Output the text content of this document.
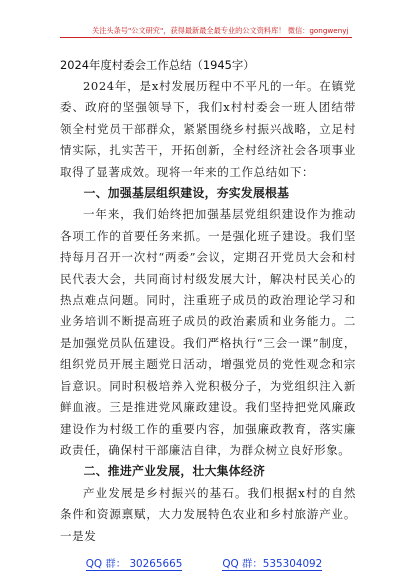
关注头条号"公文研究"，获得最新最全最专业的公文资料库！ 微信：gongwenyj
2024年度村委会工作总结（1945字）

2024年，是x村发展历程中不平凡的一年。在镇党委、政府的坚强领导下，我们x村村委会一班人团结带领全村党员干部群众，紧紧围绕乡村振兴战略，立足村情实际，扎实苦干，开拓创新，全村经济社会各项事业取得了显著成效。现将一年来的工作总结如下：

一、加强基层组织建设，夯实发展根基

一年来，我们始终把加强基层党组织建设作为推动各项工作的首要任务来抓。一是强化班子建设。我们坚持每月召开一次村“两委”会议，定期召开党员大会和村民代表大会，共同商讨村级发展大计，解决村民关心的热点难点问题。同时，注重班子成员的政治理论学习和业务培训不断提高班子成员的政治素质和业务能力。二是加强党员队伍建设。我们严格执行“三会一课”制度，组织党员开展主题党日活动，增强党员的党性观念和宗旨意识。同时积极培养入党积极分子，为党组织注入新鲜血液。三是推进党风廉政建设。我们坚持把党风廉政建设作为村级工作的重要内容，加强廉政教育，落实廉政责任，确保村干部廉洁自律，为群众树立良好形象。

二、推进产业发展，壮大集体经济

产业发展是乡村振兴的基石。我们根据x村的自然条件和资源禀赋，大力发展特色农业和乡村旅游产业。一是发

QQ 群： 30265665	QQ 群：535304092
